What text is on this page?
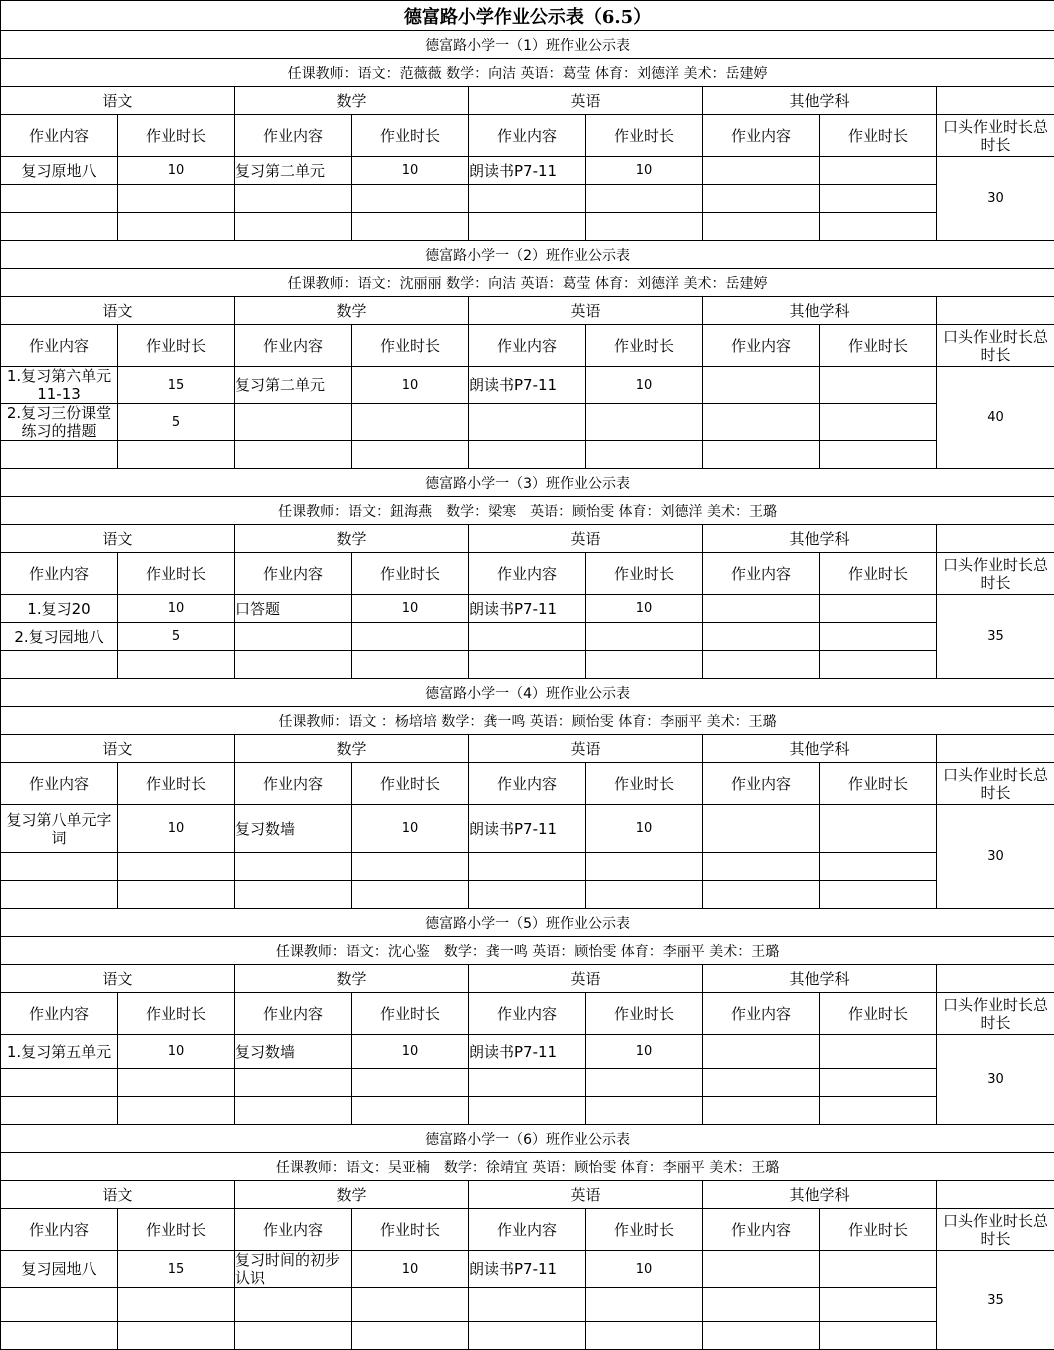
德富路小学作业公示表（6.5）								
德富路小学一（1）班作业公示表								
任课教师：语文：范薇薇 数学：向洁 英语：葛莹 体育：刘德洋 美术：岳建婷								
语文		数学		英语		其他学科		
作业内容	作业时长	作业内容	作业时长	作业内容	作业时长	作业内容	作业时长	口头作业时长总时长

复习原地八	10	复习第二单元	10	朗读书P7-11	10			30

德富路小学一（2）班作业公示表								
任课教师：语文：沈丽丽 数学：向洁 英语：葛莹 体育：刘德洋 美术：岳建婷								
语文		数学		英语		其他学科		
作业内容	作业时长	作业内容	作业时长	作业内容	作业时长	作业内容	作业时长	口头作业时长总时长

1.复习第六单元11-13	15	复习第二单元	10	朗读书P7-11	10			40

2.复习三份课堂练习的措题	5		

德富路小学一（3）班作业公示表								
任课教师：语文：鈕海燕　数学：梁寒　英语：顾怡雯 体育：刘德洋 美术：王璐								
语文		数学		英语		其他学科		
作业内容	作业时长	作业内容	作业时长	作业内容	作业时长	作业内容	作业时长	口头作业时长总时长

1.复习20	10	口答题	10	朗读书P7-11	10			35

2.复习园地八	5		

德富路小学一（4）班作业公示表								
任课教师：语文 ：杨培培 数学：龚一鸣 英语：顾怡雯 体育：李丽平 美术：王璐								
语文		数学		英语		其他学科		
作业内容	作业时长	作业内容	作业时长	作业内容	作业时长	作业内容	作业时长	口头作业时长总时长

复习第八单元字词	10	复习数墙	10	朗读书P7-11	10			30

德富路小学一（5）班作业公示表								
任课教师：语文：沈心鉴　数学：龚一鸣 英语：顾怡雯 体育：李丽平 美术：王璐								
语文		数学		英语		其他学科		
作业内容	作业时长	作业内容	作业时长	作业内容	作业时长	作业内容	作业时长	口头作业时长总时长

1.复习第五单元	10	复习数墙	10	朗读书P7-11	10			30

德富路小学一（6）班作业公示表								
任课教师：语文：吴亚楠　数学：徐靖宜 英语：顾怡雯 体育：李丽平 美术：王璐								
语文		数学		英语		其他学科		
作业内容	作业时长	作业内容	作业时长	作业内容	作业时长	作业内容	作业时长	口头作业时长总时长

复习园地八	15	复习时间的初步认识	10	朗读书P7-11	10			35
